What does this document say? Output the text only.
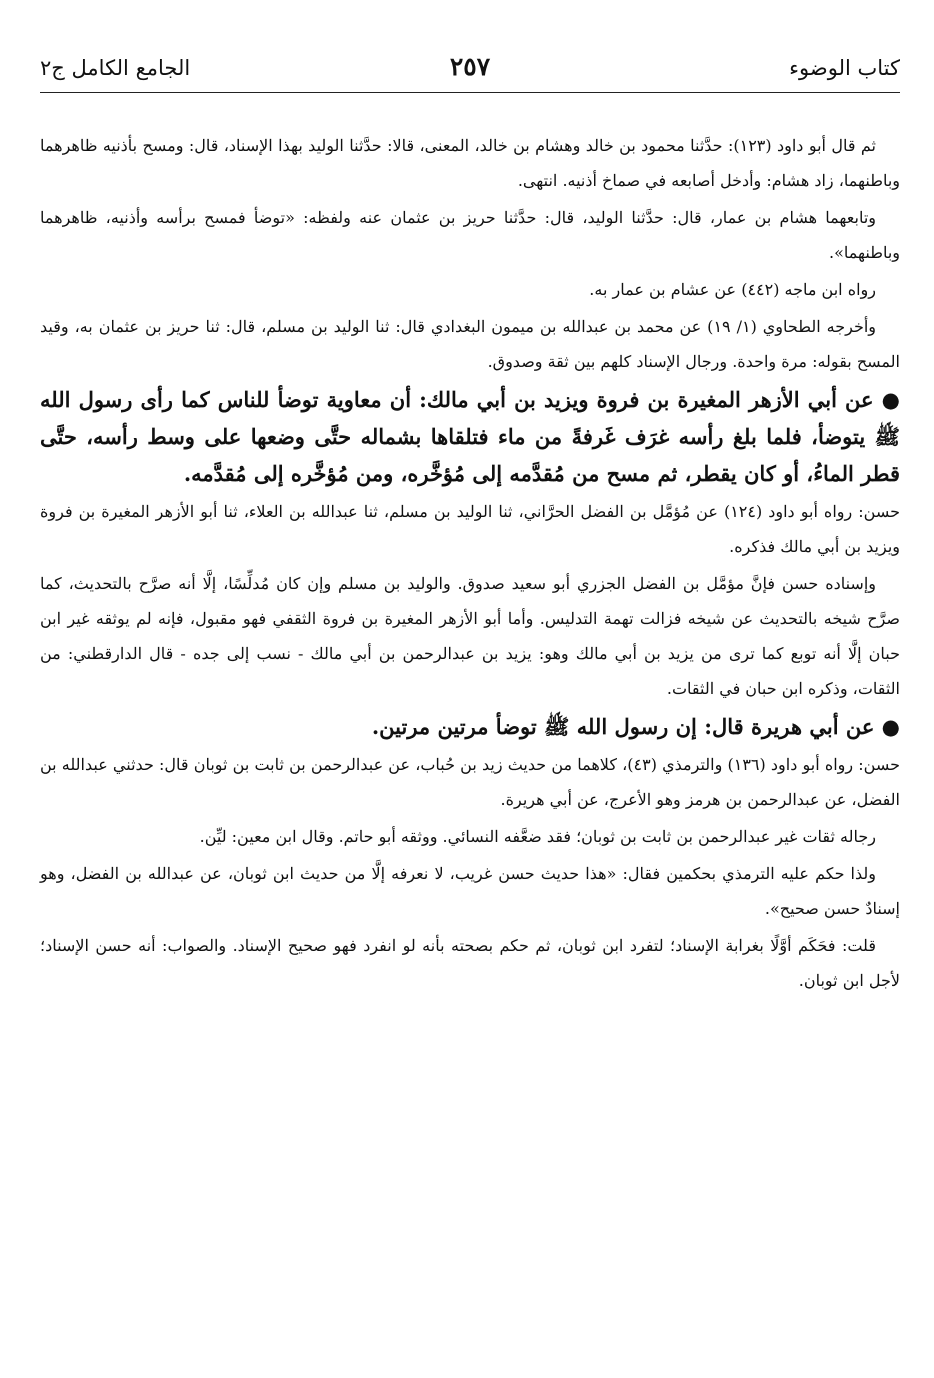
كتاب الوضوء
٢٥٧
الجامع الكامل ج٢

ثم قال أبو داود (١٢٣): حدَّثنا محمود بن خالد وهشام بن خالد، المعنى، قالا: حدَّثنا الوليد بهذا الإسناد، قال: ومسح بأذنيه ظاهرهما وباطنهما، زاد هشام: وأدخل أصابعه في صماخ أذنيه. انتهى.

وتابعهما هشام بن عمار، قال: حدَّثنا الوليد، قال: حدَّثنا حريز بن عثمان عنه ولفظه: «توضأ فمسح برأسه وأذنيه، ظاهرهما وباطنهما».

رواه ابن ماجه (٤٤٢) عن عشام بن عمار به.

وأخرجه الطحاوي (١/ ١٩) عن محمد بن عبدالله بن ميمون البغدادي قال: ثنا الوليد بن مسلم، قال: ثنا حريز بن عثمان به، وقيد المسح بقوله: مرة واحدة. ورجال الإسناد كلهم بين ثقة وصدوق.

● عن أبي الأزهر المغيرة بن فروة ويزيد بن أبي مالك: أن معاوية توضأ للناس كما رأى رسول الله ﷺ يتوضأ، فلما بلغ رأسه غرَف غَرفةً من ماء فتلقاها بشماله حتَّى وضعها على وسط رأسه، حتَّى قطر الماءُ، أو كان يقطر، ثم مسح من مُقدَّمه إلى مُؤخَّره، ومن مُؤخَّره إلى مُقدَّمه.

حسن: رواه أبو داود (١٢٤) عن مُؤمَّل بن الفضل الحرَّاني، ثنا الوليد بن مسلم، ثنا عبدالله بن العلاء، ثنا أبو الأزهر المغيرة بن فروة ويزيد بن أبي مالك فذكره.

وإسناده حسن فإنَّ مؤمَّل بن الفضل الجزري أبو سعيد صدوق. والوليد بن مسلم وإن كان مُدلِّسًا، إلَّا أنه صرَّح بالتحديث، كما صرَّح شيخه بالتحديث عن شيخه فزالت تهمة التدليس. وأما أبو الأزهر المغيرة بن فروة الثقفي فهو مقبول، فإنه لم يوثقه غير ابن حبان إلَّا أنه توبع كما ترى من يزيد بن أبي مالك وهو: يزيد بن عبدالرحمن بن أبي مالك - نسب إلى جده - قال الدارقطني: من الثقات، وذكره ابن حبان في الثقات.

● عن أبي هريرة قال: إن رسول الله ﷺ توضأ مرتين مرتين.

حسن: رواه أبو داود (١٣٦) والترمذي (٤٣)، كلاهما من حديث زيد بن حُباب، عن عبدالرحمن بن ثابت بن ثوبان قال: حدثني عبدالله بن الفضل، عن عبدالرحمن بن هرمز وهو الأعرج، عن أبي هريرة.

رجاله ثقات غير عبدالرحمن بن ثابت بن ثوبان؛ فقد ضعَّفه النسائي. ووثقه أبو حاتم. وقال ابن معين: ليِّن.

ولذا حكم عليه الترمذي بحكمين فقال: «هذا حديث حسن غريب، لا نعرفه إلَّا من حديث ابن ثوبان، عن عبدالله بن الفضل، وهو إسنادٌ حسن صحيح».

قلت: فحَكَم أوَّلًا بغرابة الإسناد؛ لتفرد ابن ثوبان، ثم حكم بصحته بأنه لو انفرد فهو صحيح الإسناد. والصواب: أنه حسن الإسناد؛ لأجل ابن ثوبان.
